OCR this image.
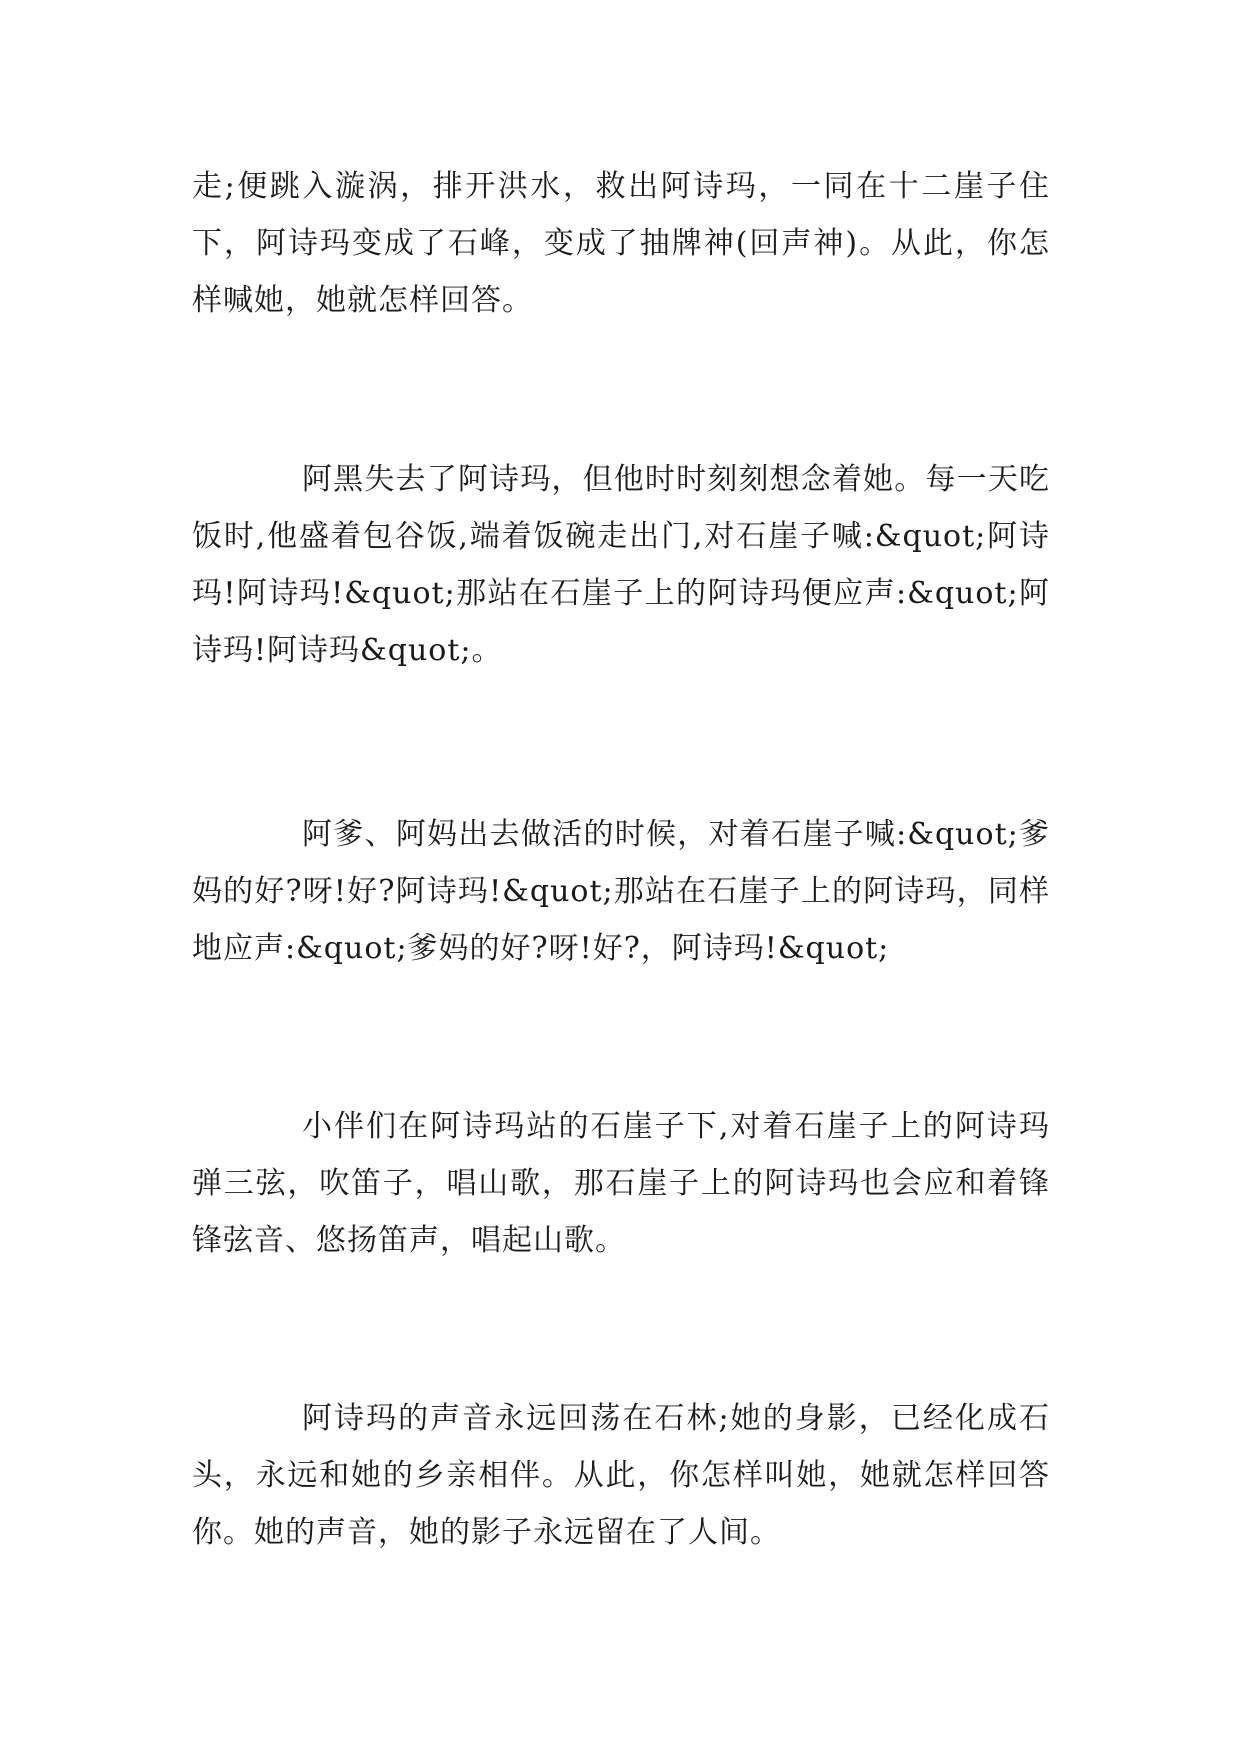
走;便跳入漩涡，排开洪水，救出阿诗玛，一同在十二崖子住下，阿诗玛变成了石峰，变成了抽牌神(回声神)。从此，你怎样喊她，她就怎样回答。

阿黑失去了阿诗玛，但他时时刻刻想念着她。每一天吃饭时,他盛着包谷饭,端着饭碗走出门,对石崖子喊:&quot;阿诗玛!阿诗玛!&quot;那站在石崖子上的阿诗玛便应声:&quot;阿诗玛!阿诗玛&quot;。

阿爹、阿妈出去做活的时候，对着石崖子喊:&quot;爹妈的好?呀!好?阿诗玛!&quot;那站在石崖子上的阿诗玛，同样地应声:&quot;爹妈的好?呀!好?，阿诗玛!&quot;

小伴们在阿诗玛站的石崖子下,对着石崖子上的阿诗玛弹三弦，吹笛子，唱山歌，那石崖子上的阿诗玛也会应和着锋锋弦音、悠扬笛声，唱起山歌。

阿诗玛的声音永远回荡在石林;她的身影，已经化成石头，永远和她的乡亲相伴。从此，你怎样叫她，她就怎样回答你。她的声音，她的影子永远留在了人间。
